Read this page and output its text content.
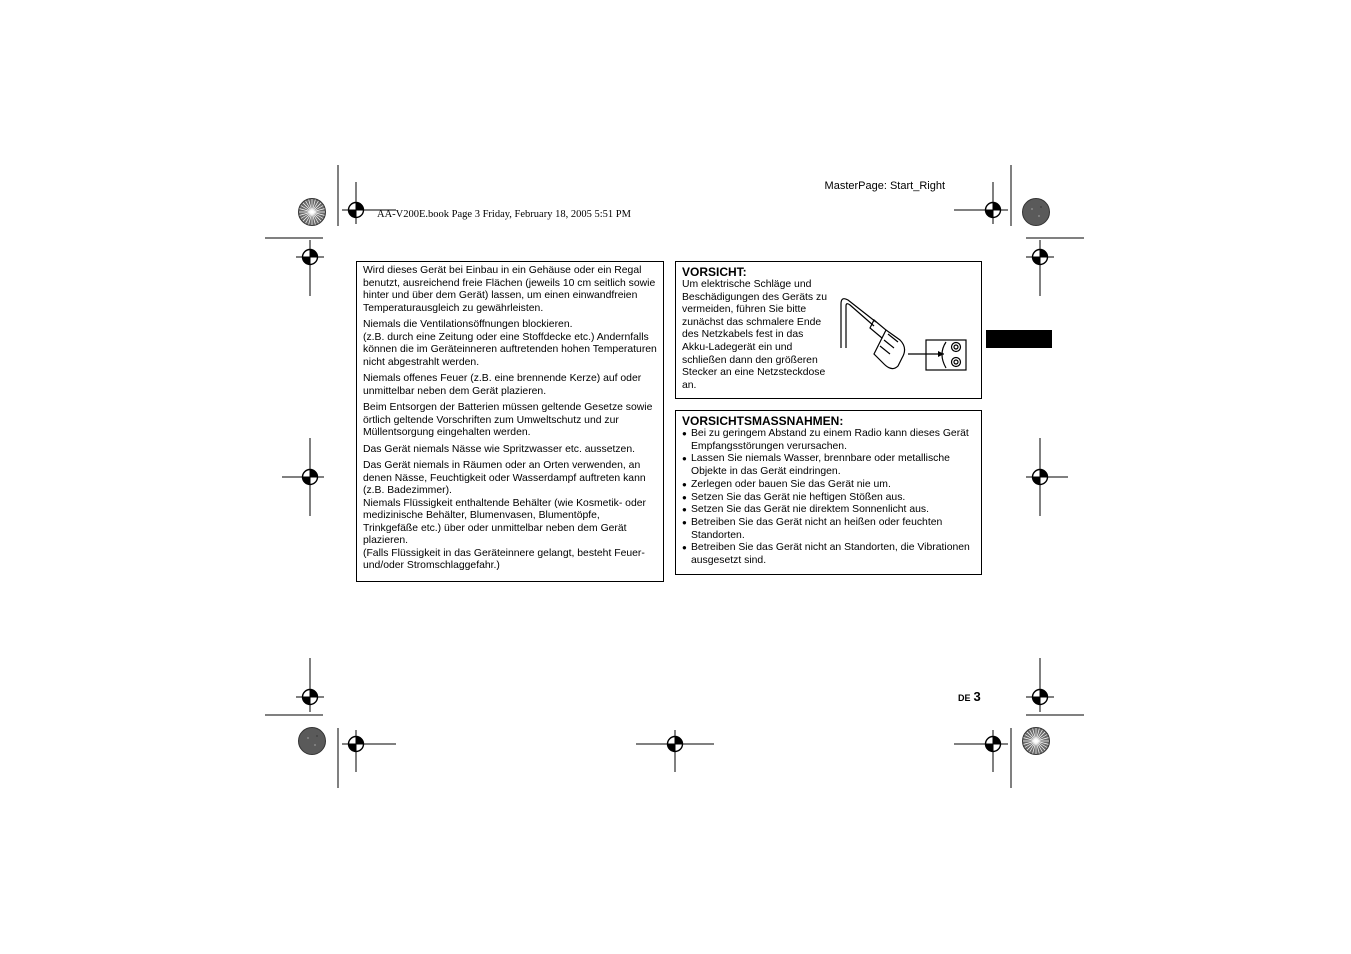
MasterPage: Start_Right
AA-V200E.book Page 3 Friday, February 18, 2005 5:51 PM

Wird dieses Gerät bei Einbau in ein Gehäuse oder ein Regal benutzt, ausreichend freie Flächen (jeweils 10 cm seitlich sowie hinter und über dem Gerät) lassen, um einen einwandfreien Temperaturausgleich zu gewährleisten.

Niemals die Ventilationsöffnungen blockieren.

(z.B. durch eine Zeitung oder eine Stoffdecke etc.) Andernfalls können die im Geräteinneren auftretenden hohen Temperaturen nicht abgestrahlt werden.

Niemals offenes Feuer (z.B. eine brennende Kerze) auf oder unmittelbar neben dem Gerät plazieren.

Beim Entsorgen der Batterien müssen geltende Gesetze sowie örtlich geltende Vorschriften zum Umweltschutz und zur Müllentsorgung eingehalten werden.

Das Gerät niemals Nässe wie Spritzwasser etc. aussetzen.

Das Gerät niemals in Räumen oder an Orten verwenden, an denen Nässe, Feuchtigkeit oder Wasserdampf auftreten kann (z.B. Badezimmer).

Niemals Flüssigkeit enthaltende Behälter (wie Kosmetik- oder medizinische Behälter, Blumenvasen, Blumentöpfe, Trinkgefäße etc.) über oder unmittelbar neben dem Gerät plazieren.

(Falls Flüssigkeit in das Geräteinnere gelangt, besteht Feuer- und/oder Stromschlaggefahr.)

VORSICHT:

Um elektrische Schläge und Beschädigungen des Geräts zu vermeiden, führen Sie bitte zunächst das schmalere Ende des Netzkabels fest in das Akku-Ladegerät ein und schließen dann den größeren Stecker an eine Netzsteckdose an.

VORSICHTSMASSNAHMEN:
● Bei zu geringem Abstand zu einem Radio kann dieses Gerät Empfangsstörungen verursachen.
● Lassen Sie niemals Wasser, brennbare oder metallische Objekte in das Gerät eindringen.
● Zerlegen oder bauen Sie das Gerät nie um.
● Setzen Sie das Gerät nie heftigen Stößen aus.
● Setzen Sie das Gerät nie direktem Sonnenlicht aus.
● Betreiben Sie das Gerät nicht an heißen oder feuchten Standorten.
● Betreiben Sie das Gerät nicht an Standorten, die Vibrationen ausgesetzt sind.
DE 3
